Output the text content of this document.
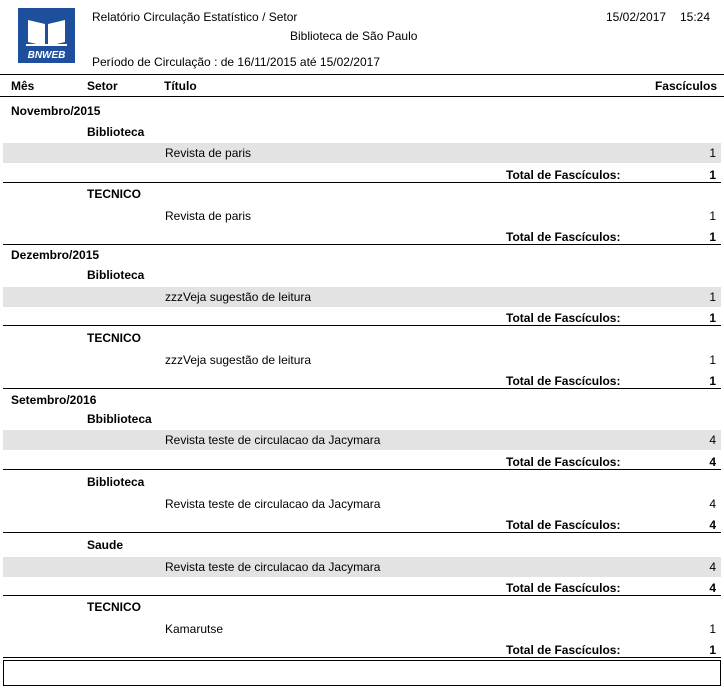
BNWEB
Relatório Circulação Estatístico / Setor
Biblioteca de São Paulo
Período de Circulação : de 16/11/2015 até 15/02/2017
15/02/2017 15:24
Mês	Setor	Título	Fascículos
Novembro/2015
Biblioteca
Revista de paris	1
Total de Fascículos:	1
TECNICO
Revista de paris	1
Total de Fascículos:	1
Dezembro/2015
Biblioteca
zzzVeja sugestão de leitura	1
Total de Fascículos:	1
TECNICO
zzzVeja sugestão de leitura	1
Total de Fascículos:	1
Setembro/2016
Bbiblioteca
Revista teste de circulacao da Jacymara	4
Total de Fascículos:	4
Biblioteca
Revista teste de circulacao da Jacymara	4
Total de Fascículos:	4
Saude
Revista teste de circulacao da Jacymara	4
Total de Fascículos:	4
TECNICO
Kamarutse	1
Total de Fascículos:	1
